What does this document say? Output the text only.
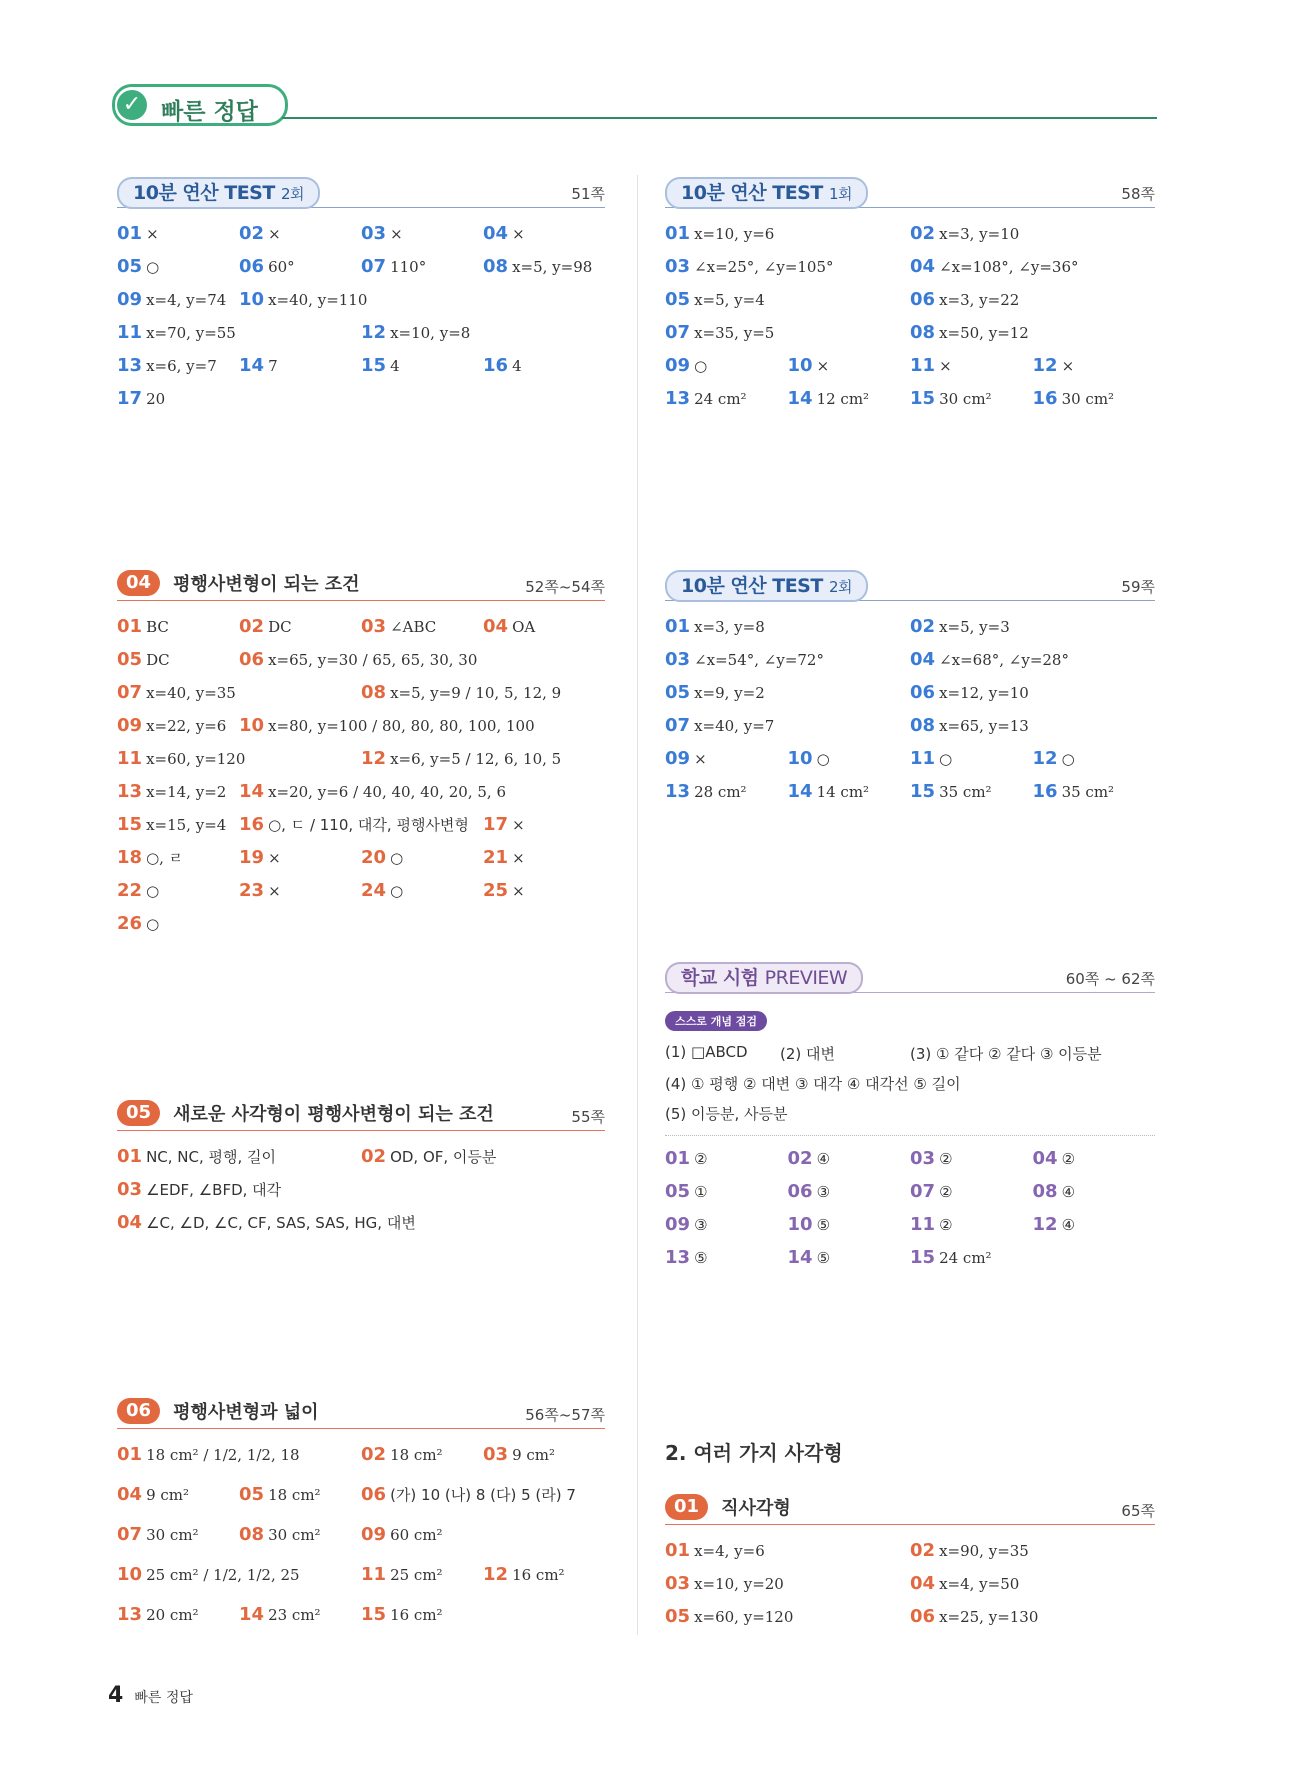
✓ 빠른 정답
10분 연산 TEST 2회	51쪽
01 ×	02 ×	03 ×	04 ×
05 ○	06 60°	07 110°	08 x=5, y=98
09 x=4, y=74 10 x=40, y=110
11 x=70, y=55	12 x=10, y=8
13 x=6, y=7 14 7	15 4	16 4
17 20
04 평행사변형이 되는 조건	52쪽~54쪽
01 BC	02 DC	03 ∠ABC	04 OA
05 DC	06 x=65, y=30 / 65, 65, 30, 30
07 x=40, y=35	08 x=5, y=9 / 10, 5, 12, 9
09 x=22, y=6 10 x=80, y=100 / 80, 80, 80, 100, 100
11 x=60, y=120	12 x=6, y=5 / 12, 6, 10, 5
13 x=14, y=2 14 x=20, y=6 / 40, 40, 40, 20, 5, 6
15 x=15, y=4 16 ○, ㄷ / 110, 대각, 평행사변형 17 ×
18 ○, ㄹ	19 ×	20 ○	21 ×
22 ○	23 ×	24 ○	25 ×
26 ○
05 새로운 사각형이 평행사변형이 되는 조건	55쪽
01 NC, NC, 평행, 길이	02 OD, OF, 이등분
03 ∠EDF, ∠BFD, 대각
04 ∠C, ∠D, ∠C, CF, SAS, SAS, HG, 대변
06 평행사변형과 넓이	56쪽~57쪽
01 18 cm² / 1/2, 1/2, 18	02 18 cm² 03 9 cm²
04 9 cm²	05 18 cm² 06 (가) 10 (나) 8 (다) 5 (라) 7
07 30 cm² 08 30 cm² 09 60 cm²
10 25 cm² / 1/2, 1/2, 25	11 25 cm² 12 16 cm²
13 20 cm² 14 23 cm² 15 16 cm²
10분 연산 TEST 1회	58쪽
01 x=10, y=6	02 x=3, y=10
03 ∠x=25°, ∠y=105°	04 ∠x=108°, ∠y=36°
05 x=5, y=4	06 x=3, y=22
07 x=35, y=5	08 x=50, y=12
09 ○	10 ×	11 ×	12 ×
13 24 cm² 14 12 cm² 15 30 cm² 16 30 cm²
10분 연산 TEST 2회	59쪽
01 x=3, y=8	02 x=5, y=3
03 ∠x=54°, ∠y=72°	04 ∠x=68°, ∠y=28°
05 x=9, y=2	06 x=12, y=10
07 x=40, y=7	08 x=65, y=13
09 ×	10 ○	11 ○	12 ○
13 28 cm² 14 14 cm² 15 35 cm² 16 35 cm²
학교 시험 PREVIEW	60쪽 ~ 62쪽
스스로 개념 점검
(1) □ABCD (2) 대변	(3) ① 같다 ② 같다 ③ 이등분
(4) ① 평행 ② 대변 ③ 대각 ④ 대각선 ⑤ 길이
(5) 이등분, 사등분
01 ②	02 ④	03 ②	04 ②
05 ①	06 ③	07 ②	08 ④
09 ③	10 ⑤	11 ②	12 ④
13 ⑤	14 ⑤	15 24 cm²
2. 여러 가지 사각형
01 직사각형	65쪽
01 x=4, y=6	02 x=90, y=35
03 x=10, y=20	04 x=4, y=50
05 x=60, y=120	06 x=25, y=130
4 빠른 정답
